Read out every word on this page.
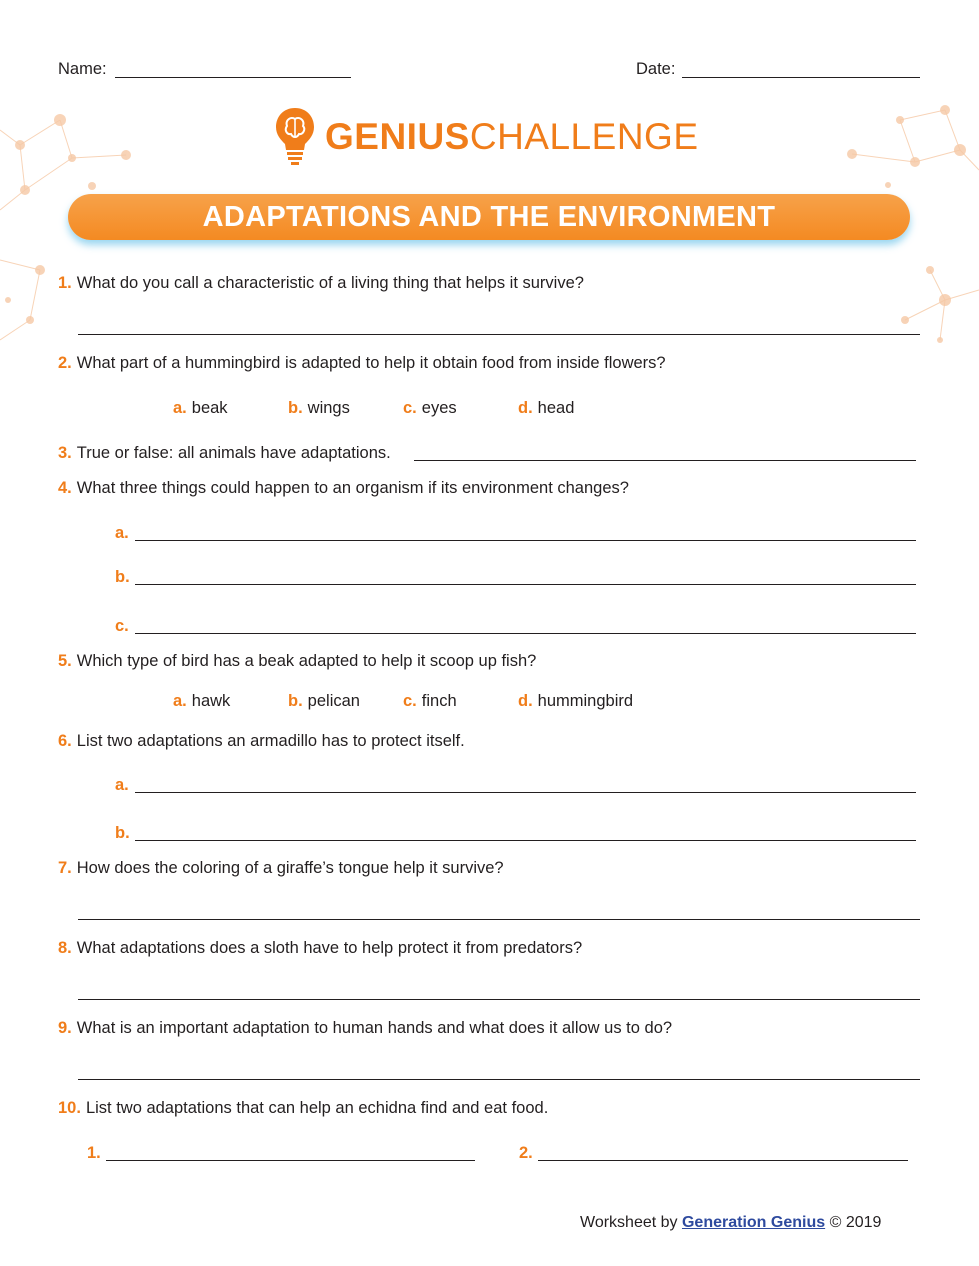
Name:	Date:
GENIUSCHALLENGE
ADAPTATIONS AND THE ENVIRONMENT
1. What do you call a characteristic of a living thing that helps it survive?
2. What part of a hummingbird is adapted to help it obtain food from inside flowers?
a. beak	b. wings	c. eyes	d. head
3. True or false: all animals have adaptations.
4. What three things could happen to an organism if its environment changes?
a.
b.
c.
5. Which type of bird has a beak adapted to help it scoop up fish?
a. hawk	b. pelican	c. finch	d. hummingbird
6. List two adaptations an armadillo has to protect itself.
a.
b.
7. How does the coloring of a giraffe’s tongue help it survive?
8. What adaptations does a sloth have to help protect it from predators?
9. What is an important adaptation to human hands and what does it allow us to do?
10. List two adaptations that can help an echidna find and eat food.
1.	2.
Worksheet by Generation Genius © 2019
